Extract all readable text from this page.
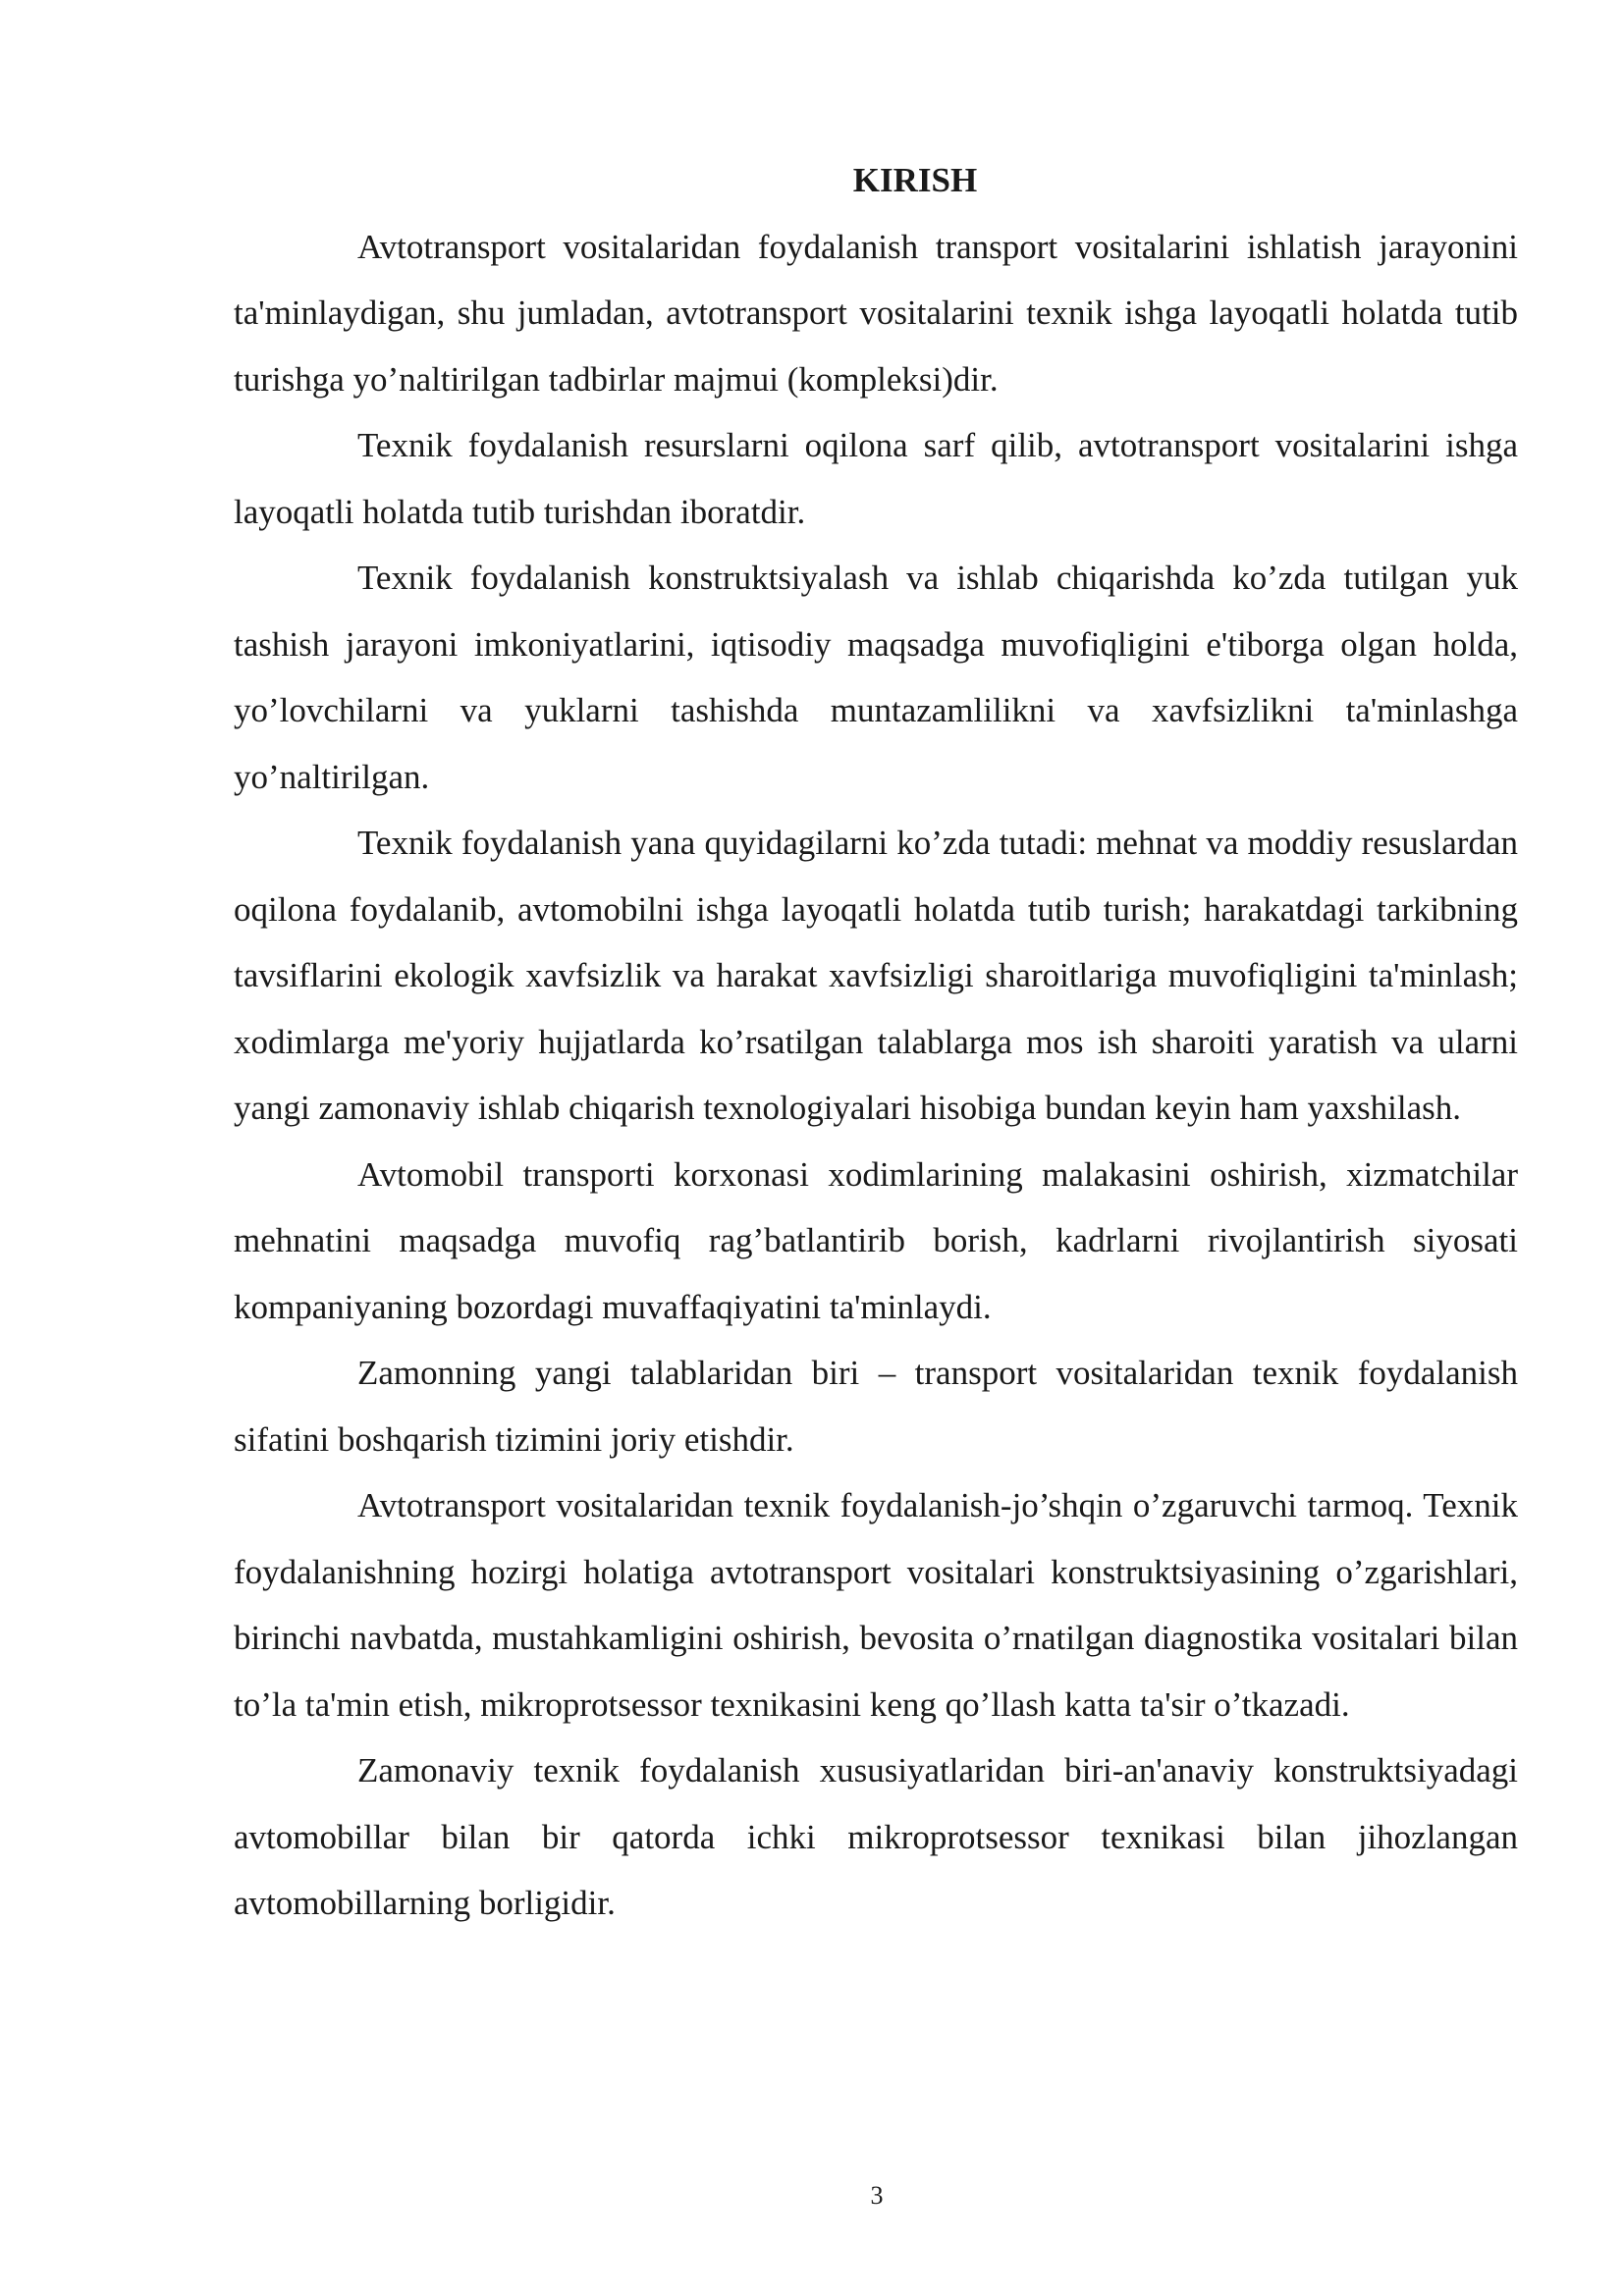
KIRISH

Avtotransport vositalaridan foydalanish transport vositalarini ishlatish jarayonini ta'minlaydigan, shu jumladan, avtotransport vositalarini texnik ishga layoqatli holatda tutib turishga yo’naltirilgan tadbirlar majmui (kompleksi)dir.

Texnik foydalanish resurslarni oqilona sarf qilib, avtotransport vositalarini ishga layoqatli holatda tutib turishdan iboratdir.

Texnik foydalanish konstruktsiyalash va ishlab chiqarishda ko’zda tutilgan yuk tashish jarayoni imkoniyatlarini, iqtisodiy maqsadga muvofiqligini e'tiborga olgan holda, yo’lovchilarni va yuklarni tashishda muntazamlilikni va xavfsizlikni ta'minlashga yo’naltirilgan.

Texnik foydalanish yana quyidagilarni ko’zda tutadi: mehnat va moddiy resuslardan oqilona foydalanib, avtomobilni ishga layoqatli holatda tutib turish; harakatdagi tarkibning tavsiflarini ekologik xavfsizlik va harakat xavfsizligi sharoitlariga muvofiqligini ta'minlash; xodimlarga me'yoriy hujjatlarda ko’rsatilgan talablarga mos ish sharoiti yaratish va ularni yangi zamonaviy ishlab chiqarish texnologiyalari hisobiga bundan keyin ham yaxshilash.

Avtomobil transporti korxonasi xodimlarining malakasini oshirish, xizmatchilar mehnatini maqsadga muvofiq rag’batlantirib borish, kadrlarni rivojlantirish siyosati kompaniyaning bozordagi muvaffaqiyatini ta'minlaydi.

Zamonning yangi talablaridan biri – transport vositalaridan texnik foydalanish sifatini boshqarish tizimini joriy etishdir.

Avtotransport vositalaridan texnik foydalanish-jo’shqin o’zgaruvchi tarmoq. Texnik foydalanishning hozirgi holatiga avtotransport vositalari konstruktsiyasining o’zgarishlari, birinchi navbatda, mustahkamligini oshirish, bevosita o’rnatilgan diagnostika vositalari bilan to’la ta'min etish, mikroprotsessor texnikasini keng qo’llash katta ta'sir o’tkazadi.

Zamonaviy texnik foydalanish xususiyatlaridan biri-an'anaviy konstruktsiyadagi avtomobillar bilan bir qatorda ichki mikroprotsessor texnikasi bilan jihozlangan avtomobillarning borligidir.

3
